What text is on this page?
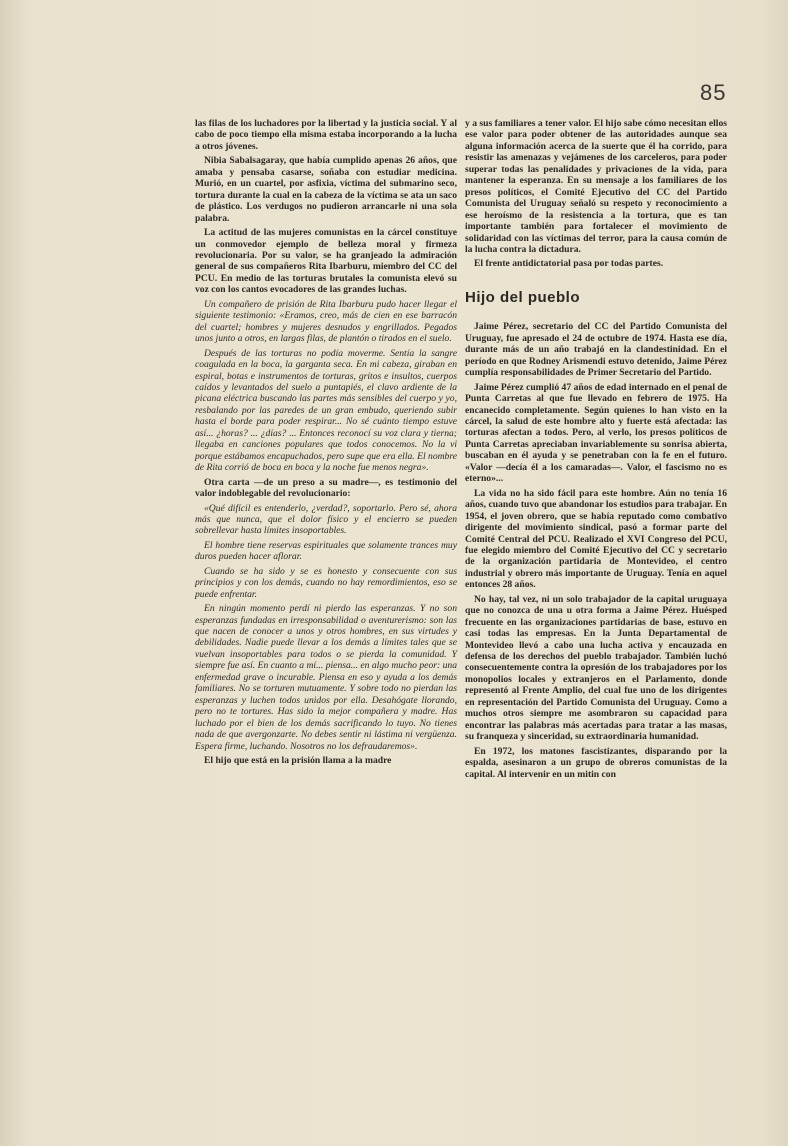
85

las filas de los luchadores por la libertad y la justicia social. Y al cabo de poco tiempo ella misma estaba incorporando a la lucha a otros jóvenes.

Nibia Sabalsagaray, que había cumplido apenas 26 años, que amaba y pensaba casarse, soñaba con estudiar medicina. Murió, en un cuartel, por asfixia, víctima del submarino seco, tortura durante la cual en la cabeza de la víctima se ata un saco de plástico. Los verdugos no pudieron arrancarle ni una sola palabra.

La actitud de las mujeres comunistas en la cárcel constituye un conmovedor ejemplo de belleza moral y firmeza revolucionaria. Por su valor, se ha granjeado la admiración general de sus compañeros Rita Ibarburu, miembro del CC del PCU. En medio de las torturas brutales la comunista elevó su voz con los cantos evocadores de las grandes luchas.

Un compañero de prisión de Rita Ibarburu pudo hacer llegar el siguiente testimonio: «Eramos, creo, más de cien en ese barracón del cuartel; hombres y mujeres desnudos y engrillados. Pegados unos junto a otros, en largas filas, de plantón o tirados en el suelo.

Después de las torturas no podía moverme. Sentía la sangre coagulada en la boca, la garganta seca. En mi cabeza, giraban en espiral, botas e instrumentos de torturas, gritos e insultos, cuerpos caídos y levantados del suelo a puntapiés, el clavo ardiente de la picana eléctrica buscando las partes más sensibles del cuerpo y yo, resbalando por las paredes de un gran embudo, queriendo subir hasta el borde para poder respirar... No sé cuánto tiempo estuve así... ¿horas? ... ¿días? ... Entonces reconocí su voz clara y tierna; llegaba en canciones populares que todos conocemos. No la vi porque estábamos encapuchados, pero supe que era ella. El nombre de Rita corrió de boca en boca y la noche fue menos negra».

Otra carta —de un preso a su madre—, es testimonio del valor indoblegable del revolucionario:

«Qué difícil es entenderlo, ¿verdad?, soportarlo. Pero sé, ahora más que nunca, que el dolor físico y el encierro se pueden sobrellevar hasta límites insoportables.

El hombre tiene reservas espirituales que solamente trances muy duros pueden hacer aflorar.

Cuando se ha sido y se es honesto y consecuente con sus principios y con los demás, cuando no hay remordimientos, eso se puede enfrentar.

En ningún momento perdí ni pierdo las esperanzas. Y no son esperanzas fundadas en irresponsabilidad o aventurerismo: son las que nacen de conocer a unos y otros hombres, en sus virtudes y debilidades. Nadie puede llevar a los demás a límites tales que se vuelvan insoportables para todos o se pierda la comunidad. Y siempre fue así. En cuanto a mí... piensa... en algo mucho peor: una enfermedad grave o incurable. Piensa en eso y ayuda a los demás familiares. No se torturen mutuamente. Y sobre todo no pierdan las esperanzas y luchen todos unidos por ella. Desahógate llorando, pero no te tortures. Has sido la mejor compañera y madre. Has luchado por el bien de los demás sacrificando lo tuyo. No tienes nada de que avergonzarte. No debes sentir ni lástima ni vergüenza. Espera firme, luchando. Nosotros no los defraudaremos».

El hijo que está en la prisión llama a la madre

y a sus familiares a tener valor. El hijo sabe cómo necesitan ellos ese valor para poder obtener de las autoridades aunque sea alguna información acerca de la suerte que él ha corrido, para resistir las amenazas y vejámenes de los carceleros, para poder superar todas las penalidades y privaciones de la vida, para mantener la esperanza. En su mensaje a los familiares de los presos políticos, el Comité Ejecutivo del CC del Partido Comunista del Uruguay señaló su respeto y reconocimiento a ese heroísmo de la resistencia a la tortura, que es tan importante también para fortalecer el movimiento de solidaridad con las víctimas del terror, para la causa común de la lucha contra la dictadura.

El frente antidictatorial pasa por todas partes.

Hijo del pueblo

Jaime Pérez, secretario del CC del Partido Comunista del Uruguay, fue apresado el 24 de octubre de 1974. Hasta ese día, durante más de un año trabajó en la clandestinidad. En el período en que Rodney Arismendi estuvo detenido, Jaime Pérez cumplía responsabilidades de Primer Secretario del Partido.

Jaime Pérez cumplió 47 años de edad internado en el penal de Punta Carretas al que fue llevado en febrero de 1975. Ha encanecido completamente. Según quienes lo han visto en la cárcel, la salud de este hombre alto y fuerte está afectada: las torturas afectan a todos. Pero, al verlo, los presos políticos de Punta Carretas apreciaban invariablemente su sonrisa abierta, buscaban en él ayuda y se penetraban con la fe en el futuro. «Valor —decía él a los camaradas—. Valor, el fascismo no es eterno»...

La vida no ha sido fácil para este hombre. Aún no tenía 16 años, cuando tuvo que abandonar los estudios para trabajar. En 1954, el joven obrero, que se había reputado como combativo dirigente del movimiento sindical, pasó a formar parte del Comité Central del PCU. Realizado el XVI Congreso del PCU, fue elegido miembro del Comité Ejecutivo del CC y secretario de la organización partidaria de Montevideo, el centro industrial y obrero más importante de Uruguay. Tenía en aquel entonces 28 años.

No hay, tal vez, ni un solo trabajador de la capital uruguaya que no conozca de una u otra forma a Jaime Pérez. Huésped frecuente en las organizaciones partidarias de base, estuvo en casi todas las empresas. En la Junta Departamental de Montevideo llevó a cabo una lucha activa y encauzada en defensa de los derechos del pueblo trabajador. También luchó consecuentemente contra la opresión de los trabajadores por los monopolios locales y extranjeros en el Parlamento, donde representó al Frente Amplio, del cual fue uno de los dirigentes en representación del Partido Comunista del Uruguay. Como a muchos otros siempre me asombraron su capacidad para encontrar las palabras más acertadas para tratar a las masas, su franqueza y sinceridad, su extraordinaria humanidad.

En 1972, los matones fascistizantes, disparando por la espalda, asesinaron a un grupo de obreros comunistas de la capital. Al intervenir en un mitin con
